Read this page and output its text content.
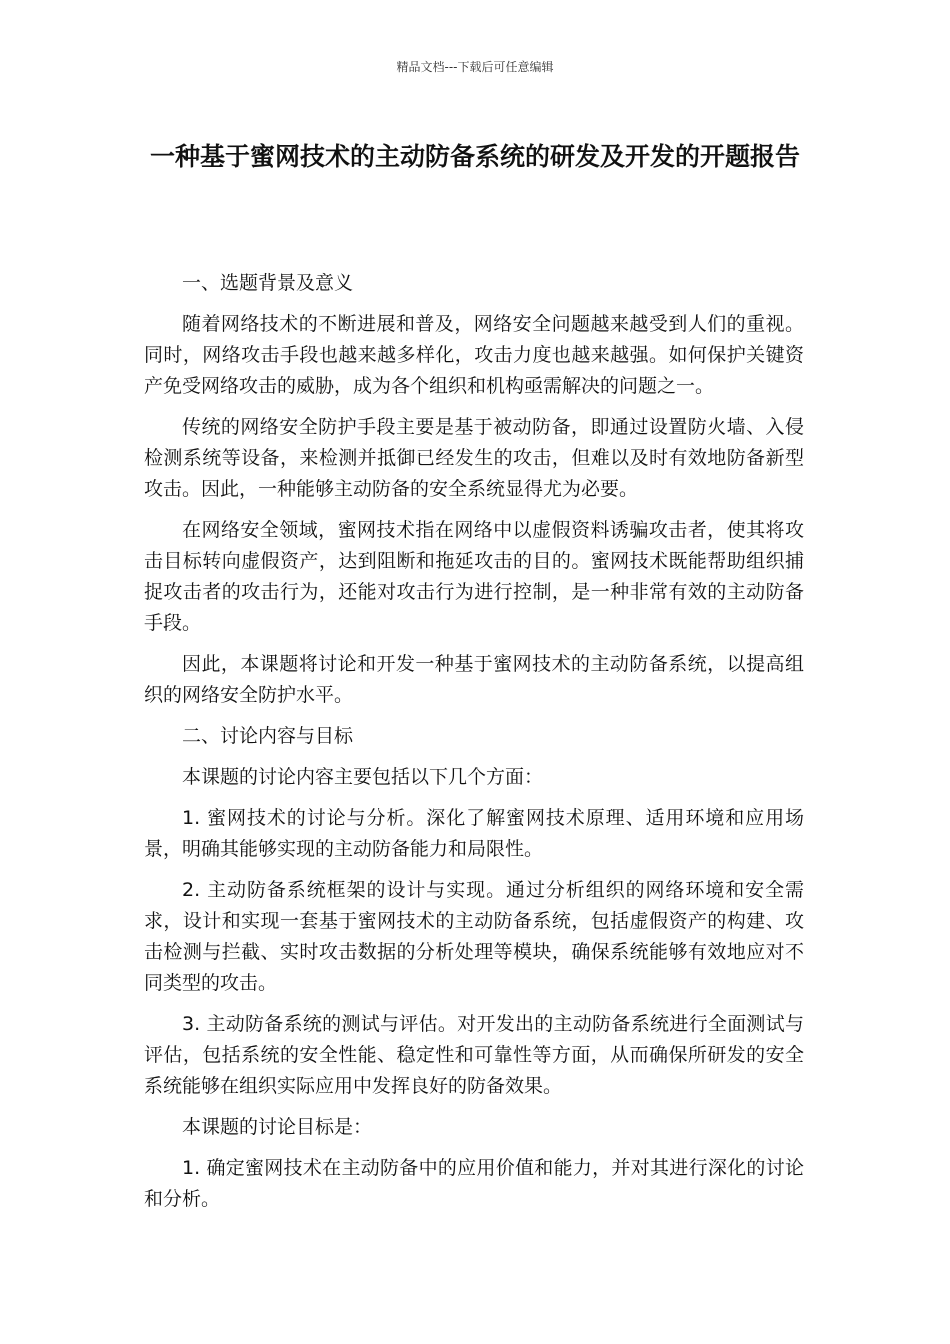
精品文档---下载后可任意编辑
一种基于蜜网技术的主动防备系统的研发及开发的开题报告

一、选题背景及意义

随着网络技术的不断进展和普及，网络安全问题越来越受到人们的重视。同时，网络攻击手段也越来越多样化，攻击力度也越来越强。如何保护关键资产免受网络攻击的威胁，成为各个组织和机构亟需解决的问题之一。

传统的网络安全防护手段主要是基于被动防备，即通过设置防火墙、入侵检测系统等设备，来检测并抵御已经发生的攻击，但难以及时有效地防备新型攻击。因此，一种能够主动防备的安全系统显得尤为必要。

在网络安全领域，蜜网技术指在网络中以虚假资料诱骗攻击者，使其将攻击目标转向虚假资产，达到阻断和拖延攻击的目的。蜜网技术既能帮助组织捕捉攻击者的攻击行为，还能对攻击行为进行控制，是一种非常有效的主动防备手段。

因此，本课题将讨论和开发一种基于蜜网技术的主动防备系统，以提高组织的网络安全防护水平。

二、讨论内容与目标

本课题的讨论内容主要包括以下几个方面：

1. 蜜网技术的讨论与分析。深化了解蜜网技术原理、适用环境和应用场景，明确其能够实现的主动防备能力和局限性。

2. 主动防备系统框架的设计与实现。通过分析组织的网络环境和安全需求，设计和实现一套基于蜜网技术的主动防备系统，包括虚假资产的构建、攻击检测与拦截、实时攻击数据的分析处理等模块，确保系统能够有效地应对不同类型的攻击。

3. 主动防备系统的测试与评估。对开发出的主动防备系统进行全面测试与评估，包括系统的安全性能、稳定性和可靠性等方面，从而确保所研发的安全系统能够在组织实际应用中发挥良好的防备效果。

本课题的讨论目标是：

1. 确定蜜网技术在主动防备中的应用价值和能力，并对其进行深化的讨论和分析。
